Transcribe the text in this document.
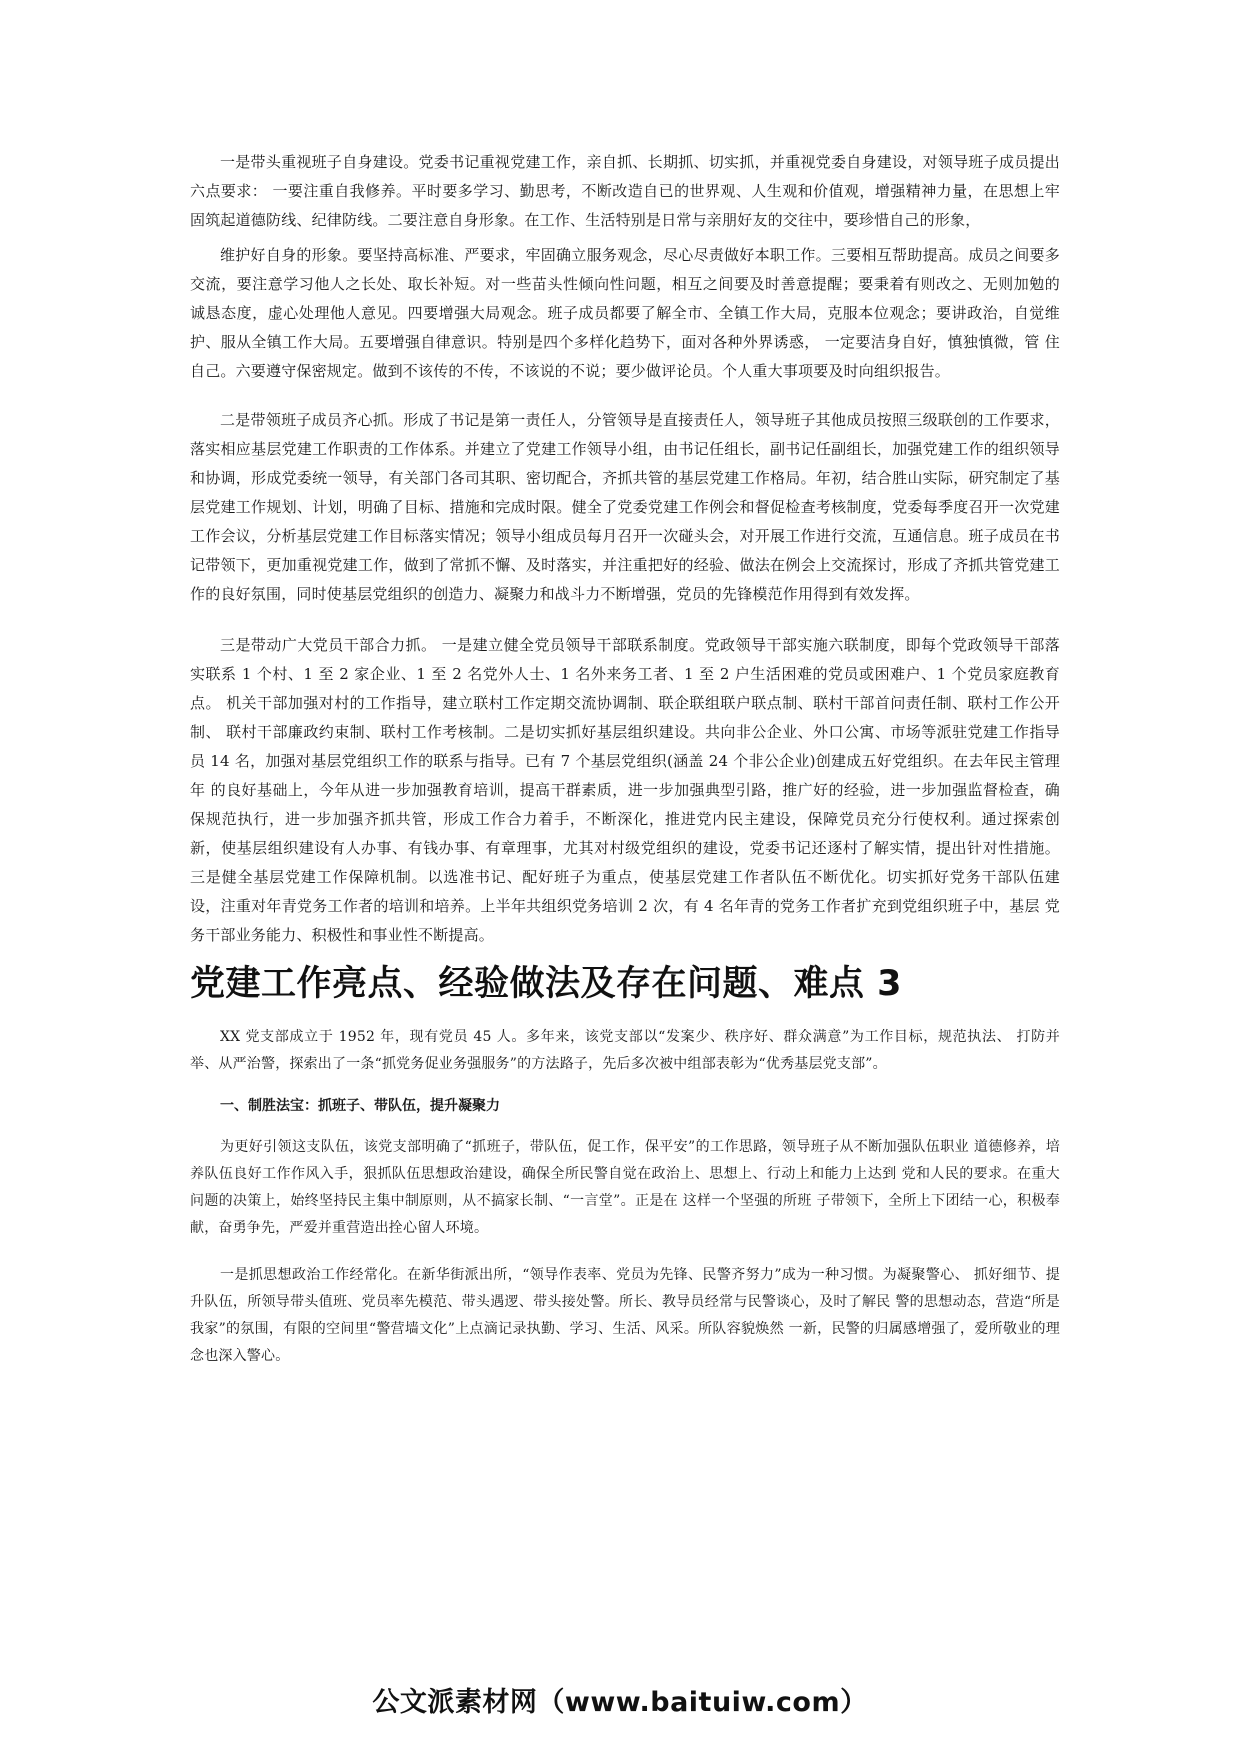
一是带头重视班子自身建设。党委书记重视党建工作，亲自抓、长期抓、切实抓，并重视党委自身建设，对领导班子成员提出六点要求： 一要注重自我修养。平时要多学习、勤思考，不断改造自已的世界观、人生观和价值观，增强精神力量，在思想上牢固筑起道德防线、纪律防线。二要注意自身形象。在工作、生活特别是日常与亲朋好友的交往中，要珍惜自己的形象，

维护好自身的形象。要坚持高标准、严要求，牢固确立服务观念，尽心尽责做好本职工作。三要相互帮助提高。成员之间要多交流，要注意学习他人之长处、取长补短。对一些苗头性倾向性问题，相互之间要及时善意提醒；要秉着有则改之、无则加勉的 诚恳态度，虚心处理他人意见。四要增强大局观念。班子成员都要了解全市、全镇工作大局，克服本位观念；要讲政治，自觉维 护、服从全镇工作大局。五要增强自律意识。特别是四个多样化趋势下，面对各种外界诱惑， 一定要洁身自好，慎独慎微，管 住自己。六要遵守保密规定。做到不该传的不传，不该说的不说；要少做评论员。个人重大事项要及时向组织报告。

二是带领班子成员齐心抓。形成了书记是第一责任人，分管领导是直接责任人，领导班子其他成员按照三级联创的工作要求，落实相应基层党建工作职责的工作体系。并建立了党建工作领导小组，由书记任组长，副书记任副组长，加强党建工作的组织领导和协调，形成党委统一领导，有关部门各司其职、密切配合，齐抓共管的基层党建工作格局。年初，结合胜山实际，研究制定了基层党建工作规划、计划，明确了目标、措施和完成时限。健全了党委党建工作例会和督促检查考核制度，党委每季度召开一次党建工作会议，分析基层党建工作目标落实情况；领导小组成员每月召开一次碰头会，对开展工作进行交流，互通信息。班子成员在书记带领下，更加重视党建工作，做到了常抓不懈、及时落实，并注重把好的经验、做法在例会上交流探讨，形成了齐抓共管党建工作的良好氛围，同时使基层党组织的创造力、凝聚力和战斗力不断增强，党员的先锋模范作用得到有效发挥。

三是带动广大党员干部合力抓。 一是建立健全党员领导干部联系制度。党政领导干部实施六联制度，即每个党政领导干部落实联系 1 个村、1 至 2 家企业、1 至 2 名党外人士、1 名外来务工者、1 至 2 户生活困难的党员或困难户、1 个党员家庭教育点。 机关干部加强对村的工作指导，建立联村工作定期交流协调制、联企联组联户联点制、联村干部首问责任制、联村工作公开制、 联村干部廉政约束制、联村工作考核制。二是切实抓好基层组织建设。共向非公企业、外口公寓、市场等派驻党建工作指导员 14 名，加强对基层党组织工作的联系与指导。已有 7 个基层党组织(涵盖 24 个非公企业)创建成五好党组织。在去年民主管理年 的良好基础上，今年从进一步加强教育培训，提高干群素质，进一步加强典型引路，推广好的经验，进一步加强监督检查，确 保规范执行，进一步加强齐抓共管，形成工作合力着手，不断深化，推进党内民主建设，保障党员充分行使权利。通过探索创 新，使基层组织建设有人办事、有钱办事、有章理事，尤其对村级党组织的建设，党委书记还逐村了解实情，提出针对性措施。 三是健全基层党建工作保障机制。以选准书记、配好班子为重点，使基层党建工作者队伍不断优化。切实抓好党务干部队伍建 设，注重对年青党务工作者的培训和培养。上半年共组织党务培训 2 次，有 4 名年青的党务工作者扩充到党组织班子中，基层 党务干部业务能力、积极性和事业性不断提高。

党建工作亮点、经验做法及存在问题、难点 3

XX 党支部成立于 1952 年，现有党员 45 人。多年来，该党支部以“发案少、秩序好、群众满意”为工作目标，规范执法、 打防并举、从严治警，探索出了一条“抓党务促业务强服务”的方法路子，先后多次被中组部表彰为“优秀基层党支部”。

一、制胜法宝：抓班子、带队伍，提升凝聚力

为更好引领这支队伍，该党支部明确了“抓班子，带队伍，促工作，保平安”的工作思路，领导班子从不断加强队伍职业 道德修养，培养队伍良好工作作风入手，狠抓队伍思想政治建设，确保全所民警自觉在政治上、思想上、行动上和能力上达到 党和人民的要求。在重大问题的决策上，始终坚持民主集中制原则，从不搞家长制、“一言堂”。正是在 这样一个坚强的所班 子带领下，全所上下团结一心，积极奉献，奋勇争先，严爱并重营造出拴心留人环境。

一是抓思想政治工作经常化。在新华街派出所，“领导作表率、党员为先锋、民警齐努力”成为一种习惯。为凝聚警心、 抓好细节、提升队伍，所领导带头值班、党员率先模范、带头遇逻、带头接处警。所长、教导员经常与民警谈心，及时了解民 警的思想动态，营造“所是我家”的氛围，有限的空间里“警营墙文化”上点滴记录执勤、学习、生活、风采。所队容貌焕然 一新，民警的归属感增强了，爱所敬业的理念也深入警心。

公文派素材网（www.baituiw.com）
